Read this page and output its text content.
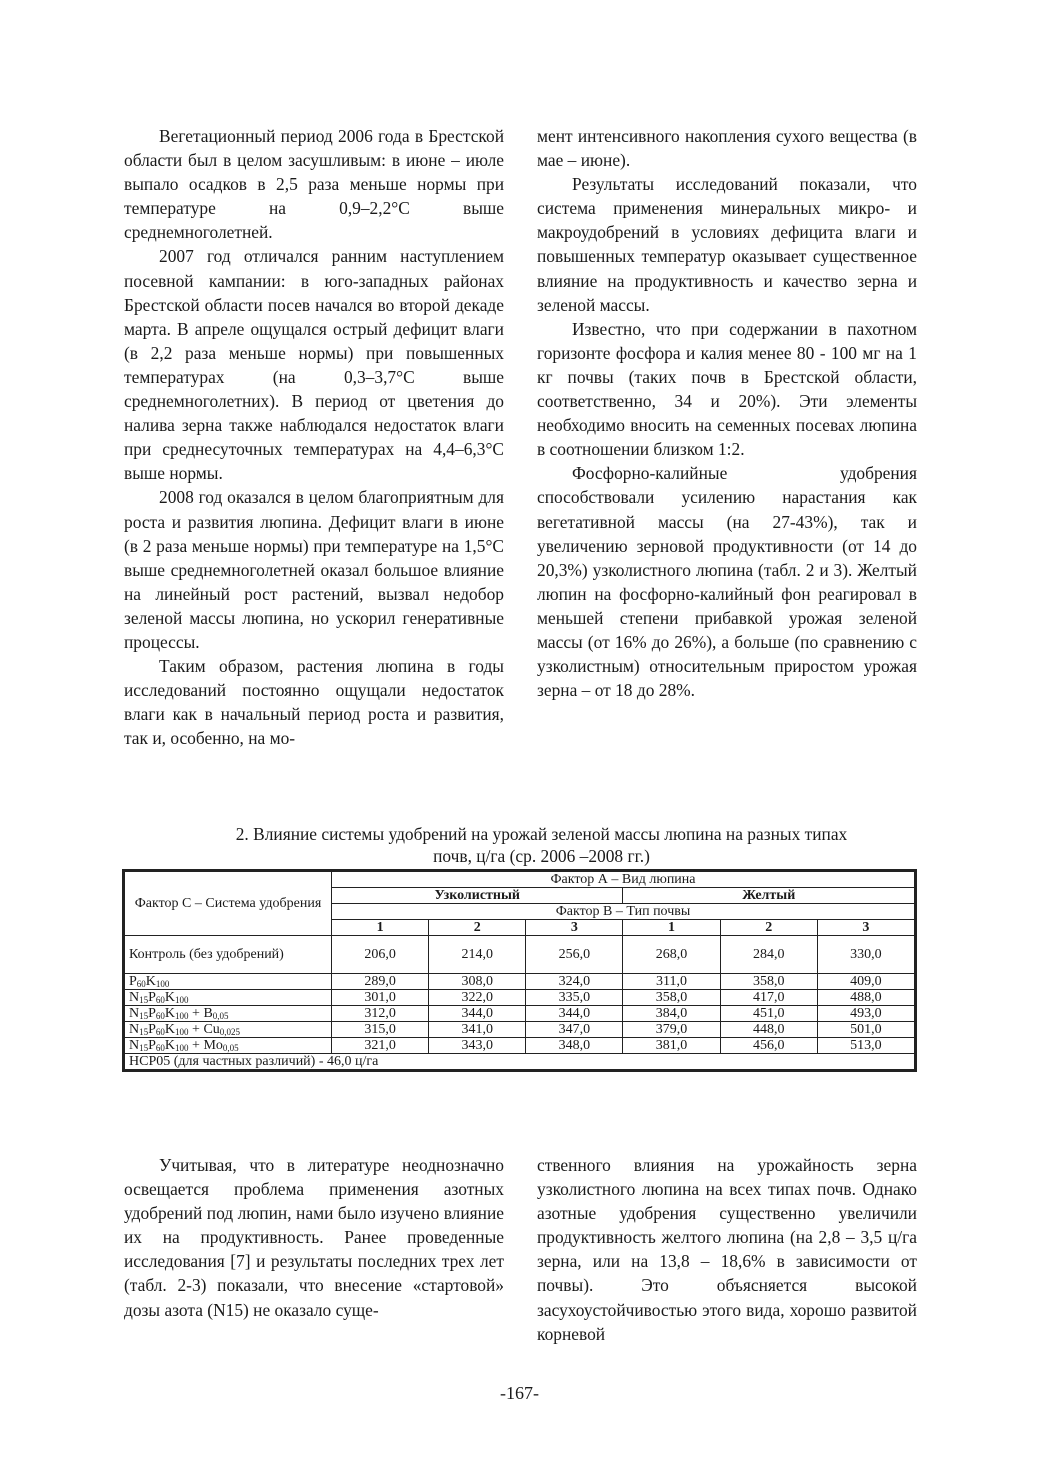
Вегетационный период 2006 года в Брестской области был в целом засушливым: в июне – июле выпало осадков в 2,5 раза меньше нормы при температуре на 0,9–2,2°С выше среднемноголетней.

2007 год отличался ранним наступлением посевной кампании: в юго-западных районах Брестской области посев начался во второй декаде марта. В апреле ощущался острый дефицит влаги (в 2,2 раза меньше нормы) при повышенных температурах (на 0,3–3,7°С выше среднемноголетних). В период от цветения до налива зерна также наблюдался недостаток влаги при среднесуточных температурах на 4,4–6,3°С выше нормы.

2008 год оказался в целом благоприятным для роста и развития люпина. Дефицит влаги в июне (в 2 раза меньше нормы) при температуре на 1,5°С выше среднемноголетней оказал большое влияние на линейный рост растений, вызвал недобор зеленой массы люпина, но ускорил генеративные процессы.

Таким образом, растения люпина в годы исследований постоянно ощущали недостаток влаги как в начальный период роста и развития, так и, особенно, на мо-

мент интенсивного накопления сухого вещества (в мае – июне).

Результаты исследований показали, что система применения минеральных микро- и макроудобрений в условиях дефицита влаги и повышенных температур оказывает существенное влияние на продуктивность и качество зерна и зеленой массы.

Известно, что при содержании в пахотном горизонте фосфора и калия менее 80 - 100 мг на 1 кг почвы (таких почв в Брестской области, соответственно, 34 и 20%). Эти элементы необходимо вносить на семенных посевах люпина в соотношении близком 1:2.

Фосфорно-калийные удобрения способствовали усилению нарастания как вегетативной массы (на 27-43%), так и увеличению зерновой продуктивности (от 14 до 20,3%) узколистного люпина (табл. 2 и 3). Желтый люпин на фосфорно-калийный фон реагировал в меньшей степени прибавкой урожая зеленой массы (от 16% до 26%), а больше (по сравнению с узколистным) относительным приростом урожая зерна – от 18 до 28%.

2. Влияние системы удобрений на урожай зеленой массы люпина на разных типах
почв, ц/га (ср. 2006 –2008 гг.)
Фактор С – Система удобрения	Фактор А – Вид люпина					
	Узколистный			Желтый		
	Фактор В – Тип почвы					
	1	2	3	1	2	3
Контроль (без удобрений)	206,0	214,0	256,0	268,0	284,0	330,0
$P_{60}K_{100}$	289,0	308,0	324,0	311,0	358,0	409,0
$N_{15}P_{60}K_{100}$	301,0	322,0	335,0	358,0	417,0	488,0
$N_{15}P_{60}K_{100} + B_{0,05}$	312,0	344,0	344,0	384,0	451,0	493,0
$N_{15}P_{60}K_{100} + Cu_{0,025}$	315,0	341,0	347,0	379,0	448,0	501,0
$N_{15}P_{60}K_{100} + Mo_{0,05}$	321,0	343,0	348,0	381,0	456,0	513,0
НСР05 (для частных различий) - 46,0 ц/га						

Учитывая, что в литературе неоднозначно освещается проблема применения азотных удобрений под люпин, нами было изучено влияние их на продуктивность. Ранее проведенные исследования [7] и результаты последних трех лет (табл. 2-3) показали, что внесение «стартовой» дозы азота (N15) не оказало суще-

ственного влияния на урожайность зерна узколистного люпина на всех типах почв. Однако азотные удобрения существенно увеличили продуктивность желтого люпина (на 2,8 – 3,5 ц/га зерна, или на 13,8 – 18,6% в зависимости от почвы). Это объясняется высокой засухоустойчивостью этого вида, хорошо развитой корневой

-167-
